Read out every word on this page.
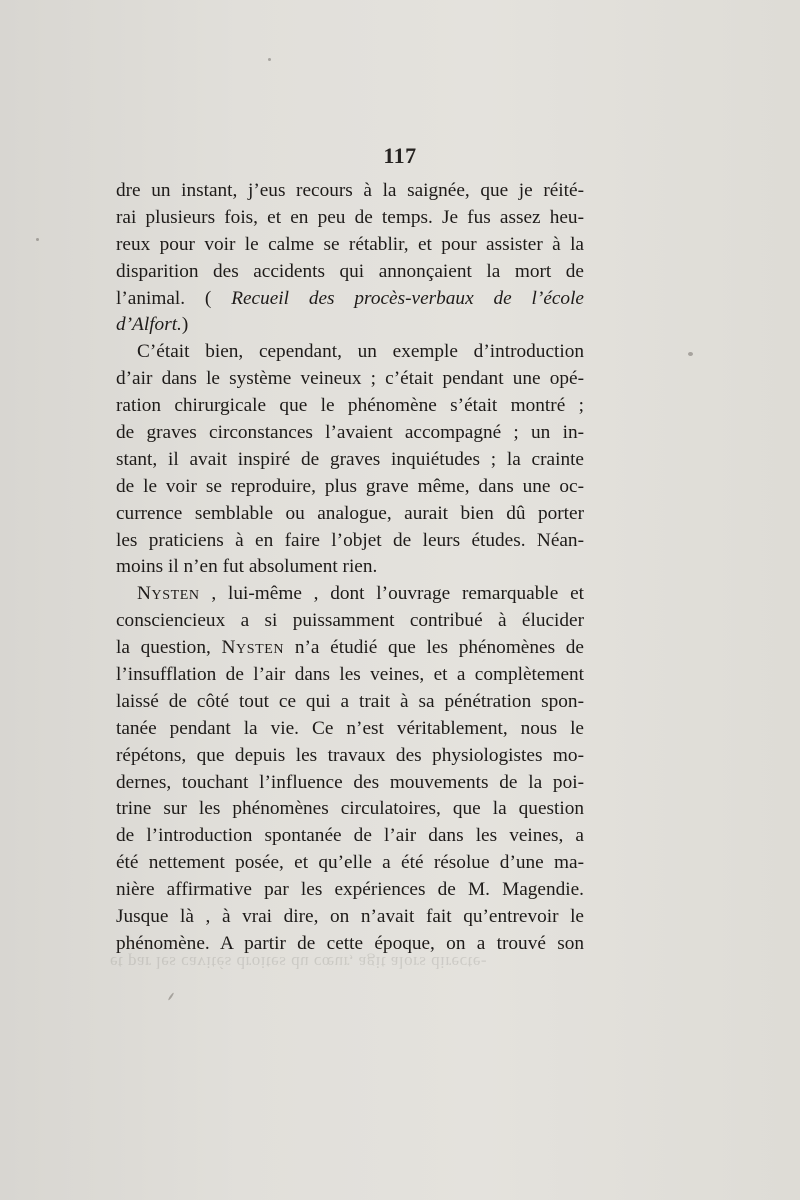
et par les cavités droites du cœur, agit alors directe-
117
dre un instant, j’eus recours à la saignée, que je réité-
rai plusieurs fois, et en peu de temps. Je fus assez heu-
reux pour voir le calme se rétablir, et pour assister à la
disparition des accidents qui annonçaient la mort de
l’animal. ( Recueil des procès-verbaux de l’école
d’Alfort.)
C’était bien, cependant, un exemple d’introduction
d’air dans le système veineux ; c’était pendant une opé-
ration chirurgicale que le phénomène s’était montré ;
de graves circonstances l’avaient accompagné ; un in-
stant, il avait inspiré de graves inquiétudes ; la crainte
de le voir se reproduire, plus grave même, dans une oc-
currence semblable ou analogue, aurait bien dû porter
les praticiens à en faire l’objet de leurs études. Néan-
moins il n’en fut absolument rien.
Nysten , lui-même , dont l’ouvrage remarquable et
consciencieux a si puissamment contribué à élucider
la question, Nysten n’a étudié que les phénomènes de
l’insufflation de l’air dans les veines, et a complètement
laissé de côté tout ce qui a trait à sa pénétration spon-
tanée pendant la vie. Ce n’est véritablement, nous le
répétons, que depuis les travaux des physiologistes mo-
dernes, touchant l’influence des mouvements de la poi-
trine sur les phénomènes circulatoires, que la question
de l’introduction spontanée de l’air dans les veines, a
été nettement posée, et qu’elle a été résolue d’une ma-
nière affirmative par les expériences de M. Magendie.
Jusque là , à vrai dire, on n’avait fait qu’entrevoir le
phénomène. A partir de cette époque, on a trouvé son
